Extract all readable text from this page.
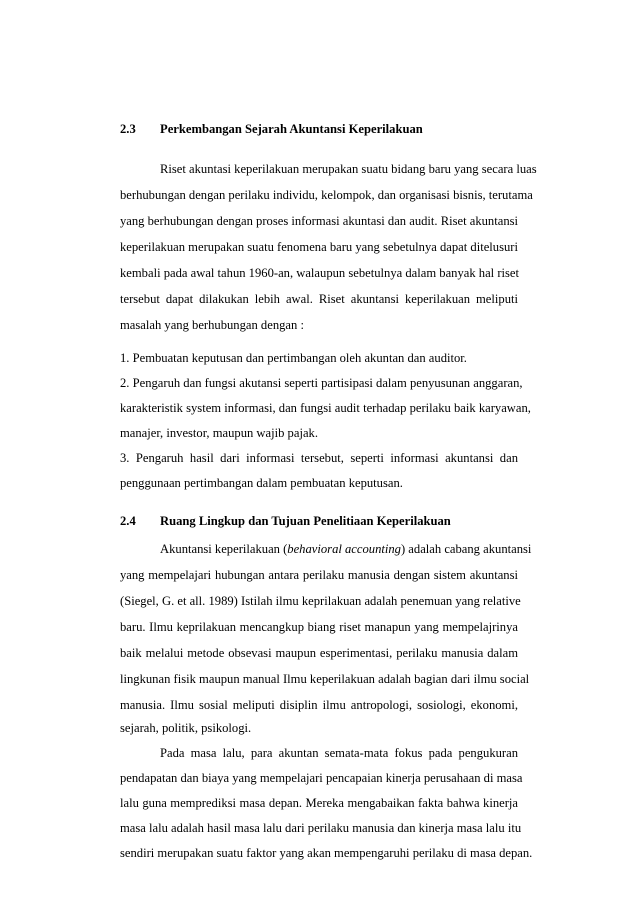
2.3 Perkembangan Sejarah Akuntansi Keperilakuan
Riset akuntasi keperilakuan merupakan suatu bidang baru yang secara luas
berhubungan dengan perilaku individu, kelompok, dan organisasi bisnis, terutama
yang berhubungan dengan proses informasi akuntasi dan audit. Riset akuntansi
keperilakuan merupakan suatu fenomena baru yang sebetulnya dapat ditelusuri
kembali pada awal tahun 1960-an, walaupun sebetulnya dalam banyak hal riset
tersebut dapat dilakukan lebih awal. Riset akuntansi keperilakuan meliputi
masalah yang berhubungan dengan :
1. Pembuatan keputusan dan pertimbangan oleh akuntan dan auditor.
2. Pengaruh dan fungsi akutansi seperti partisipasi dalam penyusunan anggaran,
karakteristik system informasi, dan fungsi audit terhadap perilaku baik karyawan,
manajer, investor, maupun wajib pajak.
3. Pengaruh hasil dari informasi tersebut, seperti informasi akuntansi dan
penggunaan pertimbangan dalam pembuatan keputusan.
2.4 Ruang Lingkup dan Tujuan Penelitiaan Keperilakuan
Akuntansi keperilakuan (behavioral accounting) adalah cabang akuntansi
yang mempelajari hubungan antara perilaku manusia dengan sistem akuntansi
(Siegel, G. et all. 1989) Istilah ilmu keprilakuan adalah penemuan yang relative
baru. Ilmu keprilakuan mencangkup biang riset manapun yang mempelajrinya
baik melalui metode obsevasi maupun esperimentasi, perilaku manusia dalam
lingkunan fisik maupun manual Ilmu keperilakuan adalah bagian dari ilmu social
manusia. Ilmu sosial meliputi disiplin ilmu antropologi, sosiologi, ekonomi,
sejarah, politik, psikologi.
Pada masa lalu, para akuntan semata-mata fokus pada pengukuran
pendapatan dan biaya yang mempelajari pencapaian kinerja perusahaan di masa
lalu guna memprediksi masa depan. Mereka mengabaikan fakta bahwa kinerja
masa lalu adalah hasil masa lalu dari perilaku manusia dan kinerja masa lalu itu
sendiri merupakan suatu faktor yang akan mempengaruhi perilaku di masa depan.
